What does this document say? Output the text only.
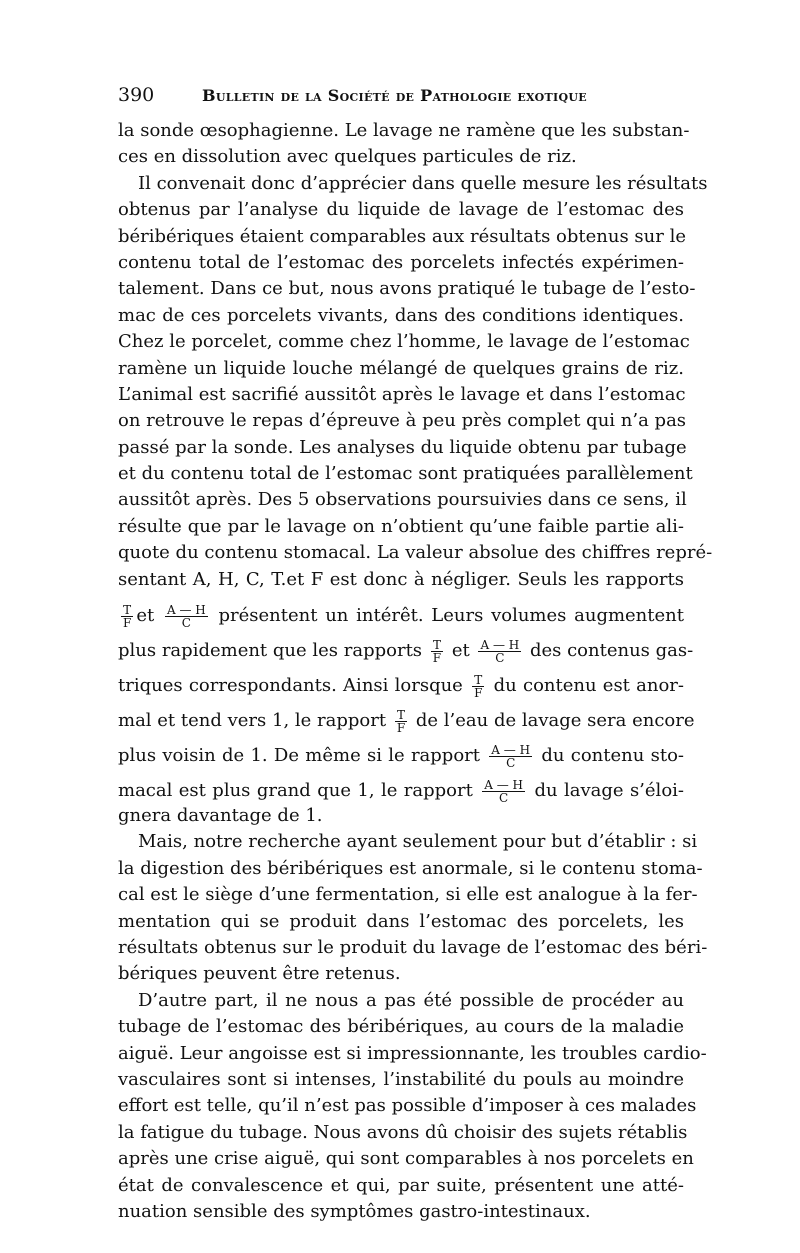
390	Bulletin de la Société de Pathologie exotique
la sonde œsophagienne. Le lavage ne ramène que les substan-
ces en dissolution avec quelques particules de riz.
Il convenait donc d’apprécier dans quelle mesure les résultats
obtenus par l’analyse du liquide de lavage de l’estomac des
béribériques étaient comparables aux résultats obtenus sur le
contenu total de l’estomac des porcelets infectés expérimen-
talement. Dans ce but, nous avons pratiqué le tubage de l’esto-
mac de ces porcelets vivants, dans des conditions identiques.
Chez le porcelet, comme chez l’homme, le lavage de l’estomac
ramène un liquide louche mélangé de quelques grains de riz.
L’animal est sacrifié aussitôt après le lavage et dans l’estomac
on retrouve le repas d’épreuve à peu près complet qui n’a pas
passé par la sonde. Les analyses du liquide obtenu par tubage
et du contenu total de l’estomac sont pratiquées parallèlement
aussitôt après. Des 5 observations poursuivies dans ce sens, il
résulte que par le lavage on n’obtient qu’une faible partie ali-
quote du contenu stomacal. La valeur absolue des chiffres repré-
sentant A, H, C, T.et F est donc à négliger. Seuls les rapports
$\frac{T}{F}$ et $\frac{A — H}{C}$ présentent un intérêt. Leurs volumes augmentent
plus rapidement que les rapports $\frac{T}{F}$ et $\frac{A — H}{C}$ des contenus gas-
triques correspondants. Ainsi lorsque $\frac{T}{F}$ du contenu est anor-
mal et tend vers 1, le rapport $\frac{T}{F}$ de l’eau de lavage sera encore
plus voisin de 1. De même si le rapport $\frac{A — H}{C}$ du contenu sto-
macal est plus grand que 1, le rapport $\frac{A — H}{C}$ du lavage s’éloi-
gnera davantage de 1.
Mais, notre recherche ayant seulement pour but d’établir : si
la digestion des béribériques est anormale, si le contenu stoma-
cal est le siège d’une fermentation, si elle est analogue à la fer-
mentation qui se produit dans l’estomac des porcelets, les
résultats obtenus sur le produit du lavage de l’estomac des béri-
bériques peuvent être retenus.
D’autre part, il ne nous a pas été possible de procéder au
tubage de l’estomac des béribériques, au cours de la maladie
aiguë. Leur angoisse est si impressionnante, les troubles cardio-
vasculaires sont si intenses, l’instabilité du pouls au moindre
effort est telle, qu’il n’est pas possible d’imposer à ces malades
la fatigue du tubage. Nous avons dû choisir des sujets rétablis
après une crise aiguë, qui sont comparables à nos porcelets en
état de convalescence et qui, par suite, présentent une atté-
nuation sensible des symptômes gastro-intestinaux.
